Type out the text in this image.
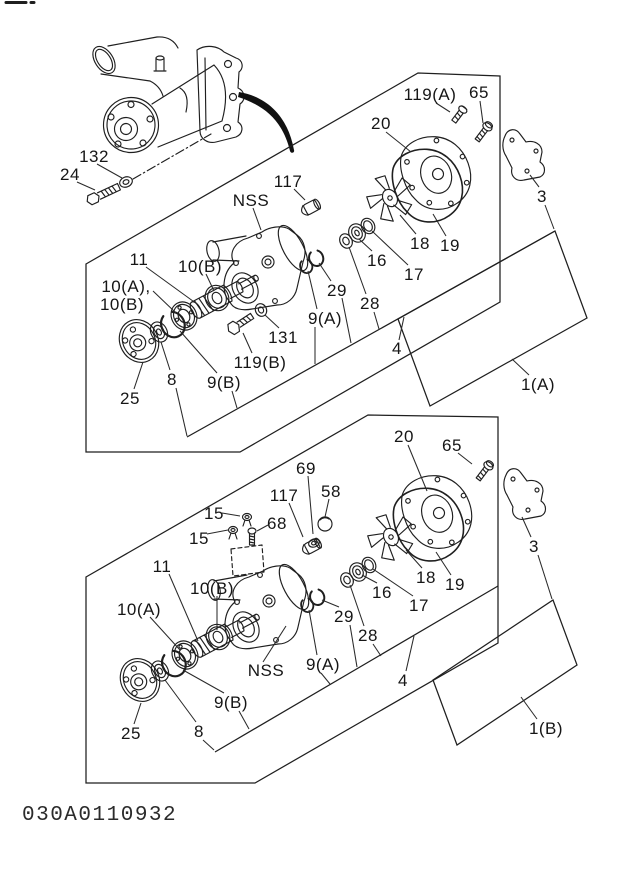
132
24	117
NSS
20
119(A) 65
3
18 19
16
17
11 10(B)
10(A),
10(B)
29
28
9(A)
131
119(B)
9(B)
8
25
4
1(A)
69
117 58
20 65
3
15
15
68
11
10(B)
10(A)
18 19
16
17
29
28
9(A)
NSS
9(B)
8
25
4
1(B)
030A0110932
